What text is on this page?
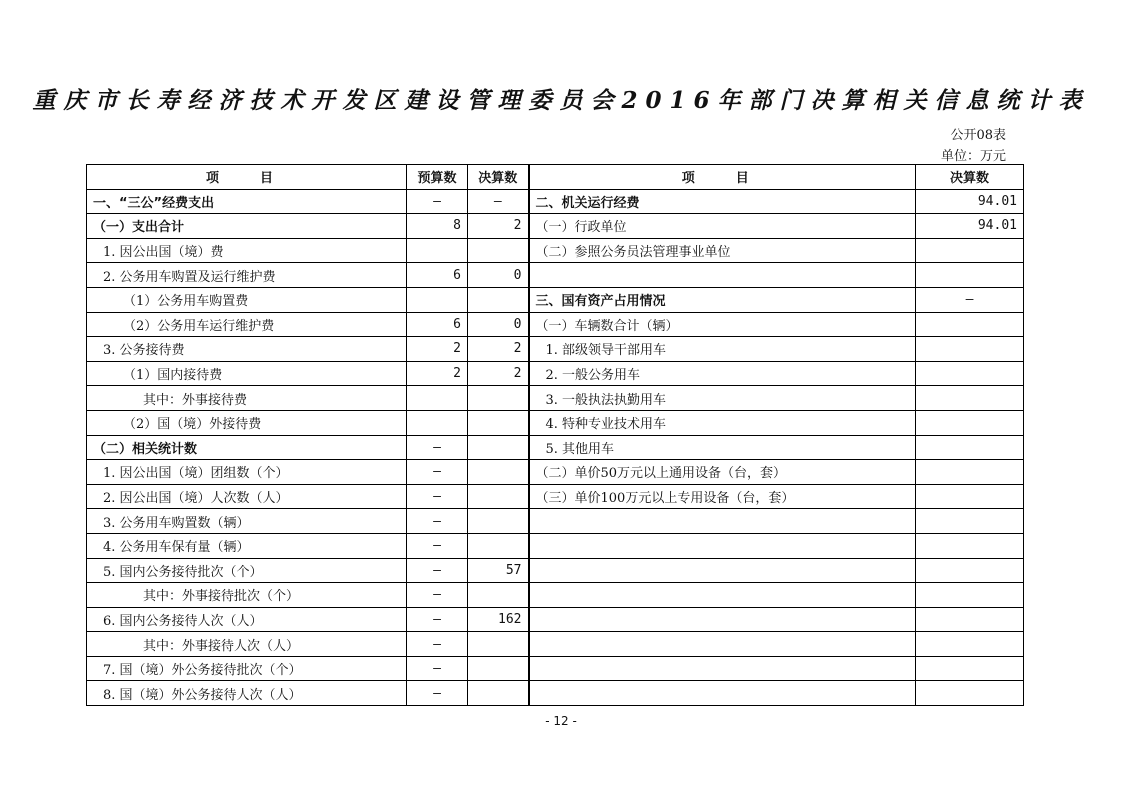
重庆市长寿经济技术开发区建设管理委员会2016年部门决算相关信息统计表
公开08表
单位：万元
项　目	预算数	决算数	项　目	决算数
一、“三公”经费支出	—	—	二、机关运行经费	94.01
（一）支出合计	8	2	（一）行政单位	94.01
1. 因公出国（境）费			（二）参照公务员法管理事业单位	
2. 公务用车购置及运行维护费	6	0		
（1）公务用车购置费			三、国有资产占用情况	—
（2）公务用车运行维护费	6	0	（一）车辆数合计（辆）	
3. 公务接待费	2	2	1. 部级领导干部用车	
（1）国内接待费	2	2	2. 一般公务用车	
其中：外事接待费			3. 一般执法执勤用车	
（2）国（境）外接待费			4. 特种专业技术用车	
（二）相关统计数	—		5. 其他用车	
1. 因公出国（境）团组数（个）	—		（二）单价50万元以上通用设备（台，套）	
2. 因公出国（境）人次数（人）	—		（三）单价100万元以上专用设备（台，套）	
3. 公务用车购置数（辆）	—			
4. 公务用车保有量（辆）	—			
5. 国内公务接待批次（个）	—	57		
其中：外事接待批次（个）	—			
6. 国内公务接待人次（人）	—	162		
其中：外事接待人次（人）	—			
7. 国（境）外公务接待批次（个）	—			
8. 国（境）外公务接待人次（人）	—			
- 12 -
